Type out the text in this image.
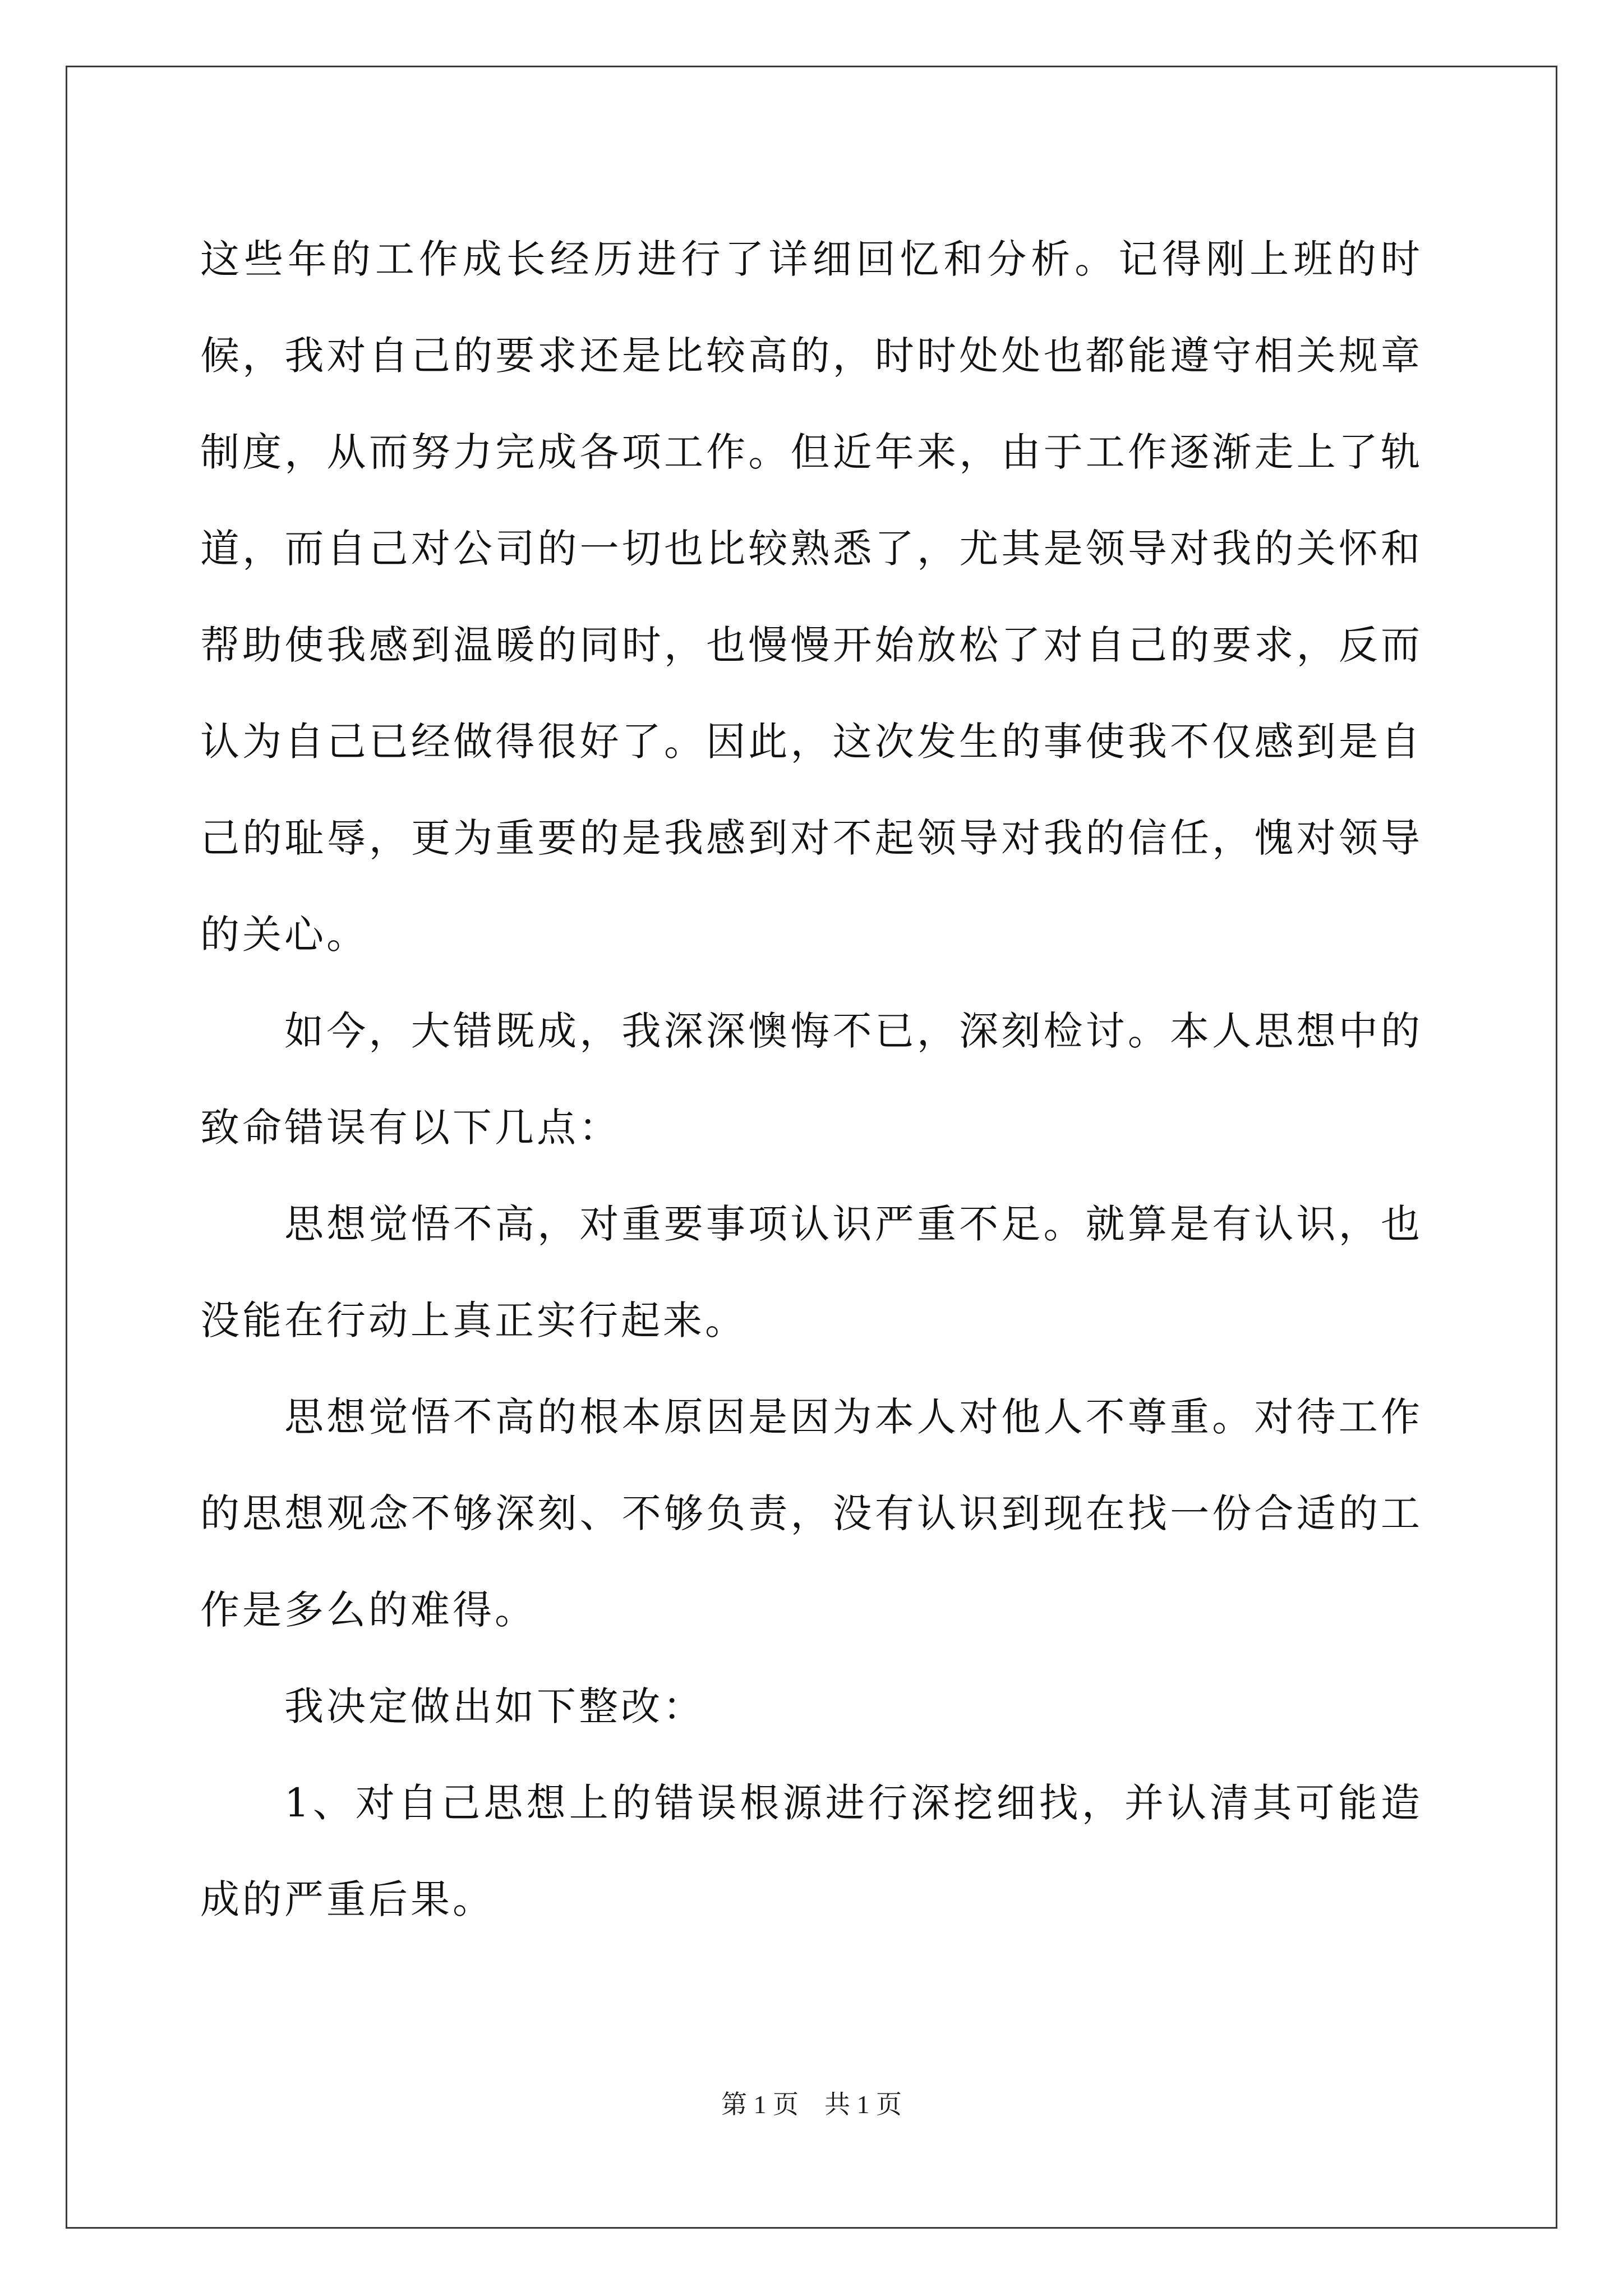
这些年的工作成长经历进行了详细回忆和分析。记得刚上班的时候，我对自己的要求还是比较高的，时时处处也都能遵守相关规章制度，从而努力完成各项工作。但近年来，由于工作逐渐走上了轨道，而自己对公司的一切也比较熟悉了，尤其是领导对我的关怀和帮助使我感到温暖的同时，也慢慢开始放松了对自己的要求，反而认为自己已经做得很好了。因此，这次发生的事使我不仅感到是自己的耻辱，更为重要的是我感到对不起领导对我的信任，愧对领导的关心。

如今，大错既成，我深深懊悔不已，深刻检讨。本人思想中的致命错误有以下几点：

思想觉悟不高，对重要事项认识严重不足。就算是有认识，也没能在行动上真正实行起来。

思想觉悟不高的根本原因是因为本人对他人不尊重。对待工作的思想观念不够深刻、不够负责，没有认识到现在找一份合适的工作是多么的难得。

我决定做出如下整改：

1、对自己思想上的错误根源进行深挖细找，并认清其可能造成的严重后果。

第 1 页　共 1 页
